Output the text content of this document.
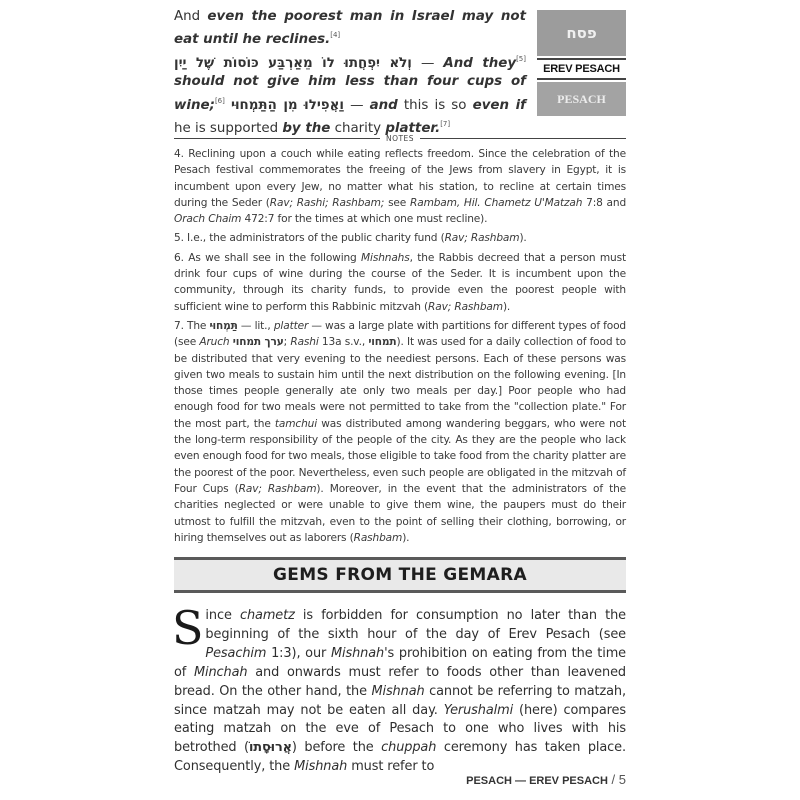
And even the poorest man in Israel may not eat until he reclines.[4]
וְלֹא יִפְחֲתוּ לוֹ מֵאַרְבַּע כּוֹסוֹת שֶׁל יַיִן — And they[5] should not give him less than four cups of wine;[6] וַאֲפִילוּ מִן הַתַּמְחוּי — and this is so even if he is supported by the charity platter.[7]
פסח
EREV PESACH
PESACH
NOTES

4. Reclining upon a couch while eating reflects freedom. Since the celebration of the Pesach festival commemorates the freeing of the Jews from slavery in Egypt, it is incumbent upon every Jew, no matter what his station, to recline at certain times during the Seder (Rav; Rashi; Rashbam; see Rambam, Hil. Chametz U'Matzah 7:8 and Orach Chaim 472:7 for the times at which one must recline).

5. I.e., the administrators of the public charity fund (Rav; Rashbam).

6. As we shall see in the following Mishnahs, the Rabbis decreed that a person must drink four cups of wine during the course of the Seder. It is incumbent upon the community, through its charity funds, to provide even the poorest people with sufficient wine to perform this Rabbinic mitzvah (Rav; Rashbam).

7. The תַּמְחוּי — lit., platter — was a large plate with partitions for different types of food (see Aruch ערך תמחוי; Rashi 13a s.v., תמחוי). It was used for a daily collection of food to be distributed that very evening to the neediest persons. Each of these persons was given two meals to sustain him until the next distribution on the following evening. [In those times people generally ate only two meals per day.] Poor people who had enough food for two meals were not permitted to take from the "collection plate." For the most part, the tamchui was distributed among wandering beggars, who were not the long-term responsibility of the people of the city. As they are the people who lack even enough food for two meals, those eligible to take food from the charity platter are the poorest of the poor. Nevertheless, even such people are obligated in the mitzvah of Four Cups (Rav; Rashbam). Moreover, in the event that the administrators of the charities neglected or were unable to give them wine, the paupers must do their utmost to fulfill the mitzvah, even to the point of selling their clothing, borrowing, or hiring themselves out as laborers (Rashbam).

GEMS FROM THE GEMARA
Since chametz is forbidden for consumption no later than the beginning of the sixth hour of the day of Erev Pesach (see Pesachim 1:3), our Mishnah's prohibition on eating from the time of Minchah and onwards must refer to foods other than leavened bread. On the other hand, the Mishnah cannot be referring to matzah, since matzah may not be eaten all day. Yerushalmi (here) compares eating matzah on the eve of Pesach to one who lives with his betrothed (אֲרוּסָתוֹ) before the chuppah ceremony has taken place. Consequently, the Mishnah must refer to
PESACH — EREV PESACH / 5
